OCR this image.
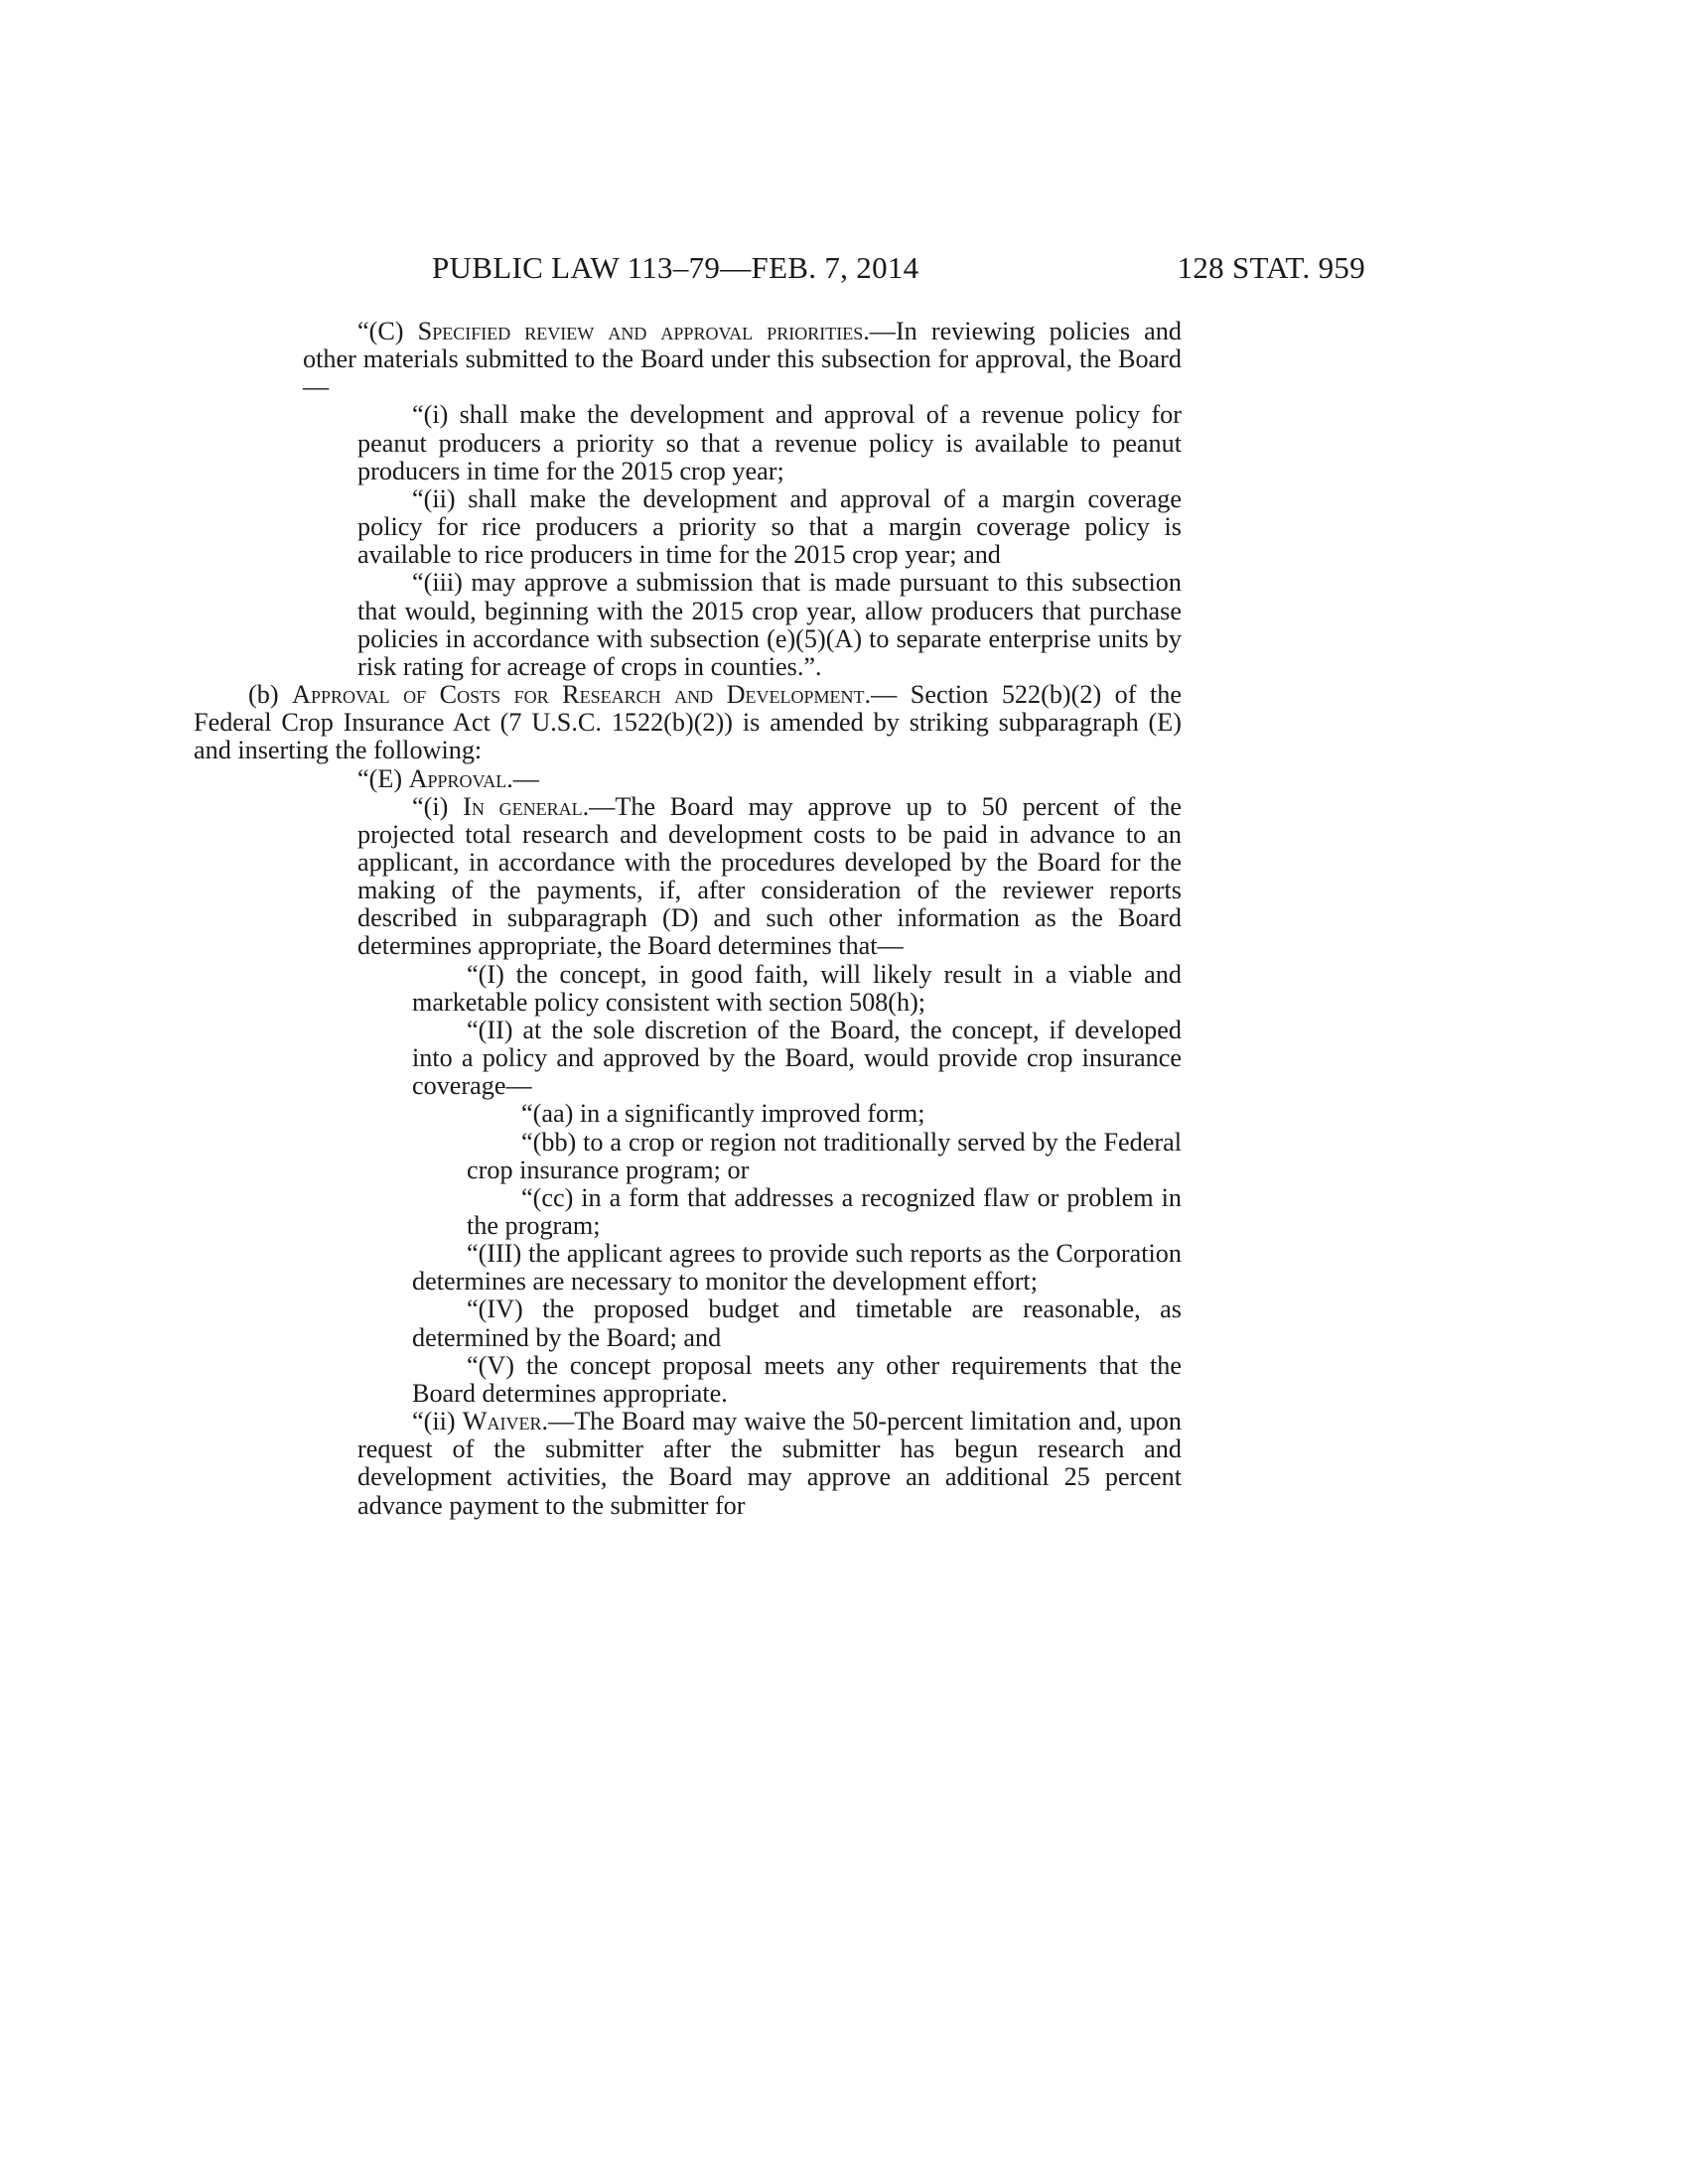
PUBLIC LAW 113–79—FEB. 7, 2014	128 STAT. 959

“(C) Specified review and approval priorities.—In reviewing policies and other materials submitted to the Board under this subsection for approval, the Board—

“(i) shall make the development and approval of a revenue policy for peanut producers a priority so that a revenue policy is available to peanut producers in time for the 2015 crop year;

“(ii) shall make the development and approval of a margin coverage policy for rice producers a priority so that a margin coverage policy is available to rice producers in time for the 2015 crop year; and

“(iii) may approve a submission that is made pursuant to this subsection that would, beginning with the 2015 crop year, allow producers that purchase policies in accordance with subsection (e)(5)(A) to separate enterprise units by risk rating for acreage of crops in counties.”.

(b) Approval of Costs for Research and Development.— Section 522(b)(2) of the Federal Crop Insurance Act (7 U.S.C. 1522(b)(2)) is amended by striking subparagraph (E) and inserting the following:

“(E) Approval.—

“(i) In general.—The Board may approve up to 50 percent of the projected total research and development costs to be paid in advance to an applicant, in accordance with the procedures developed by the Board for the making of the payments, if, after consideration of the reviewer reports described in subparagraph (D) and such other information as the Board determines appropriate, the Board determines that—

“(I) the concept, in good faith, will likely result in a viable and marketable policy consistent with section 508(h);

“(II) at the sole discretion of the Board, the concept, if developed into a policy and approved by the Board, would provide crop insurance coverage—

“(aa) in a significantly improved form;

“(bb) to a crop or region not traditionally served by the Federal crop insurance program; or

“(cc) in a form that addresses a recognized flaw or problem in the program;

“(III) the applicant agrees to provide such reports as the Corporation determines are necessary to monitor the development effort;

“(IV) the proposed budget and timetable are reasonable, as determined by the Board; and

“(V) the concept proposal meets any other requirements that the Board determines appropriate.

“(ii) Waiver.—The Board may waive the 50-percent limitation and, upon request of the submitter after the submitter has begun research and development activities, the Board may approve an additional 25 percent advance payment to the submitter for
